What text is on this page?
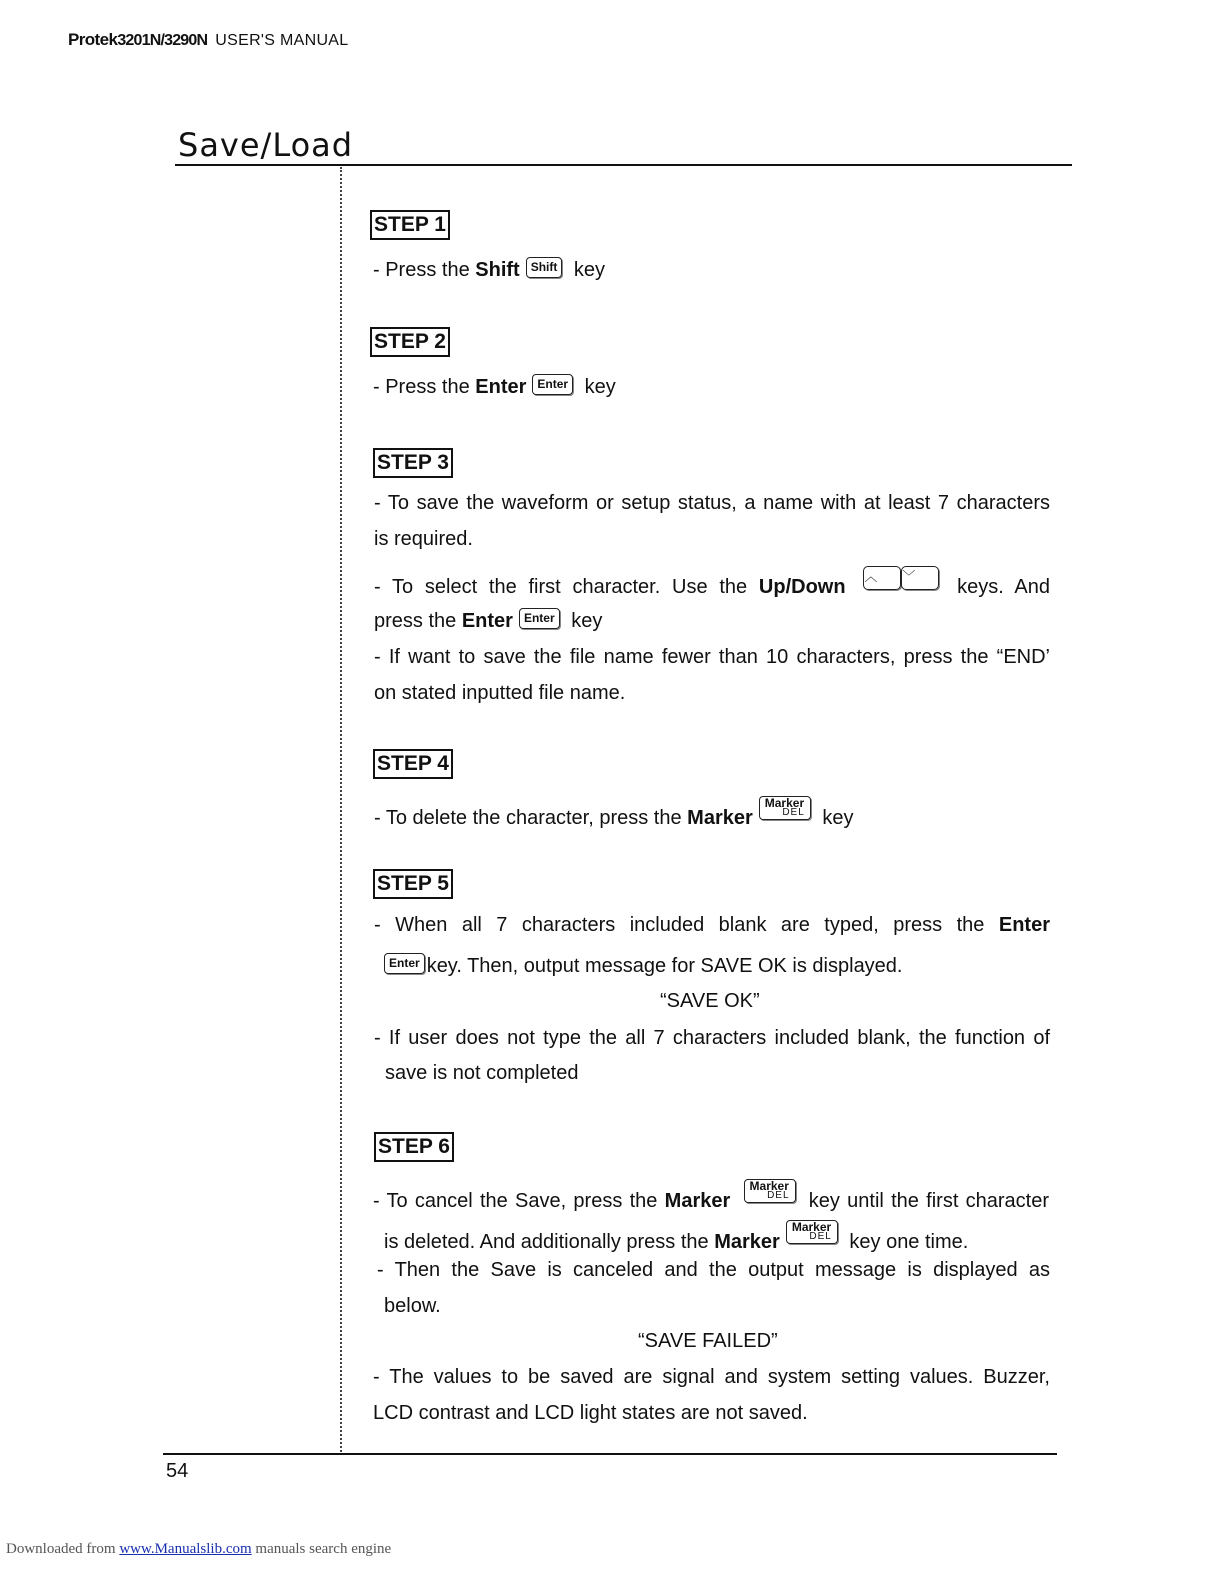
Protek3201N/3290N USER'S MANUAL
Save/Load
STEP 1
- Press the Shift Shift key
STEP 2
- Press the Enter Enter key
STEP 3
- To save the waveform or setup status, a name with at least 7 characters
is required.
- To select the first character. Use the Up/Down ︿	﹀	keys. And
press the Enter Enter key
- If want to save the file name fewer than 10 characters, press the “END’
on stated inputted file name.
STEP 4
- To delete the character, press the Marker
Marker
DEL key
STEP 5
- When all 7 characters included blank are typed, press the Enter
Enter key. Then, output message for SAVE OK is displayed.
“SAVE OK”
- If user does not type the all 7 characters included blank, the function of
save is not completed
STEP 6
- To cancel the Save, press the Marker
Marker
DEL key until the first character
is deleted. And additionally press the Marker
Marker
DEL key one time.
- Then the Save is canceled and the output message is displayed as
below.
“SAVE FAILED”
- The values to be saved are signal and system setting values. Buzzer,
LCD contrast and LCD light states are not saved.
54
Downloaded from www.Manualslib.com manuals search engine
